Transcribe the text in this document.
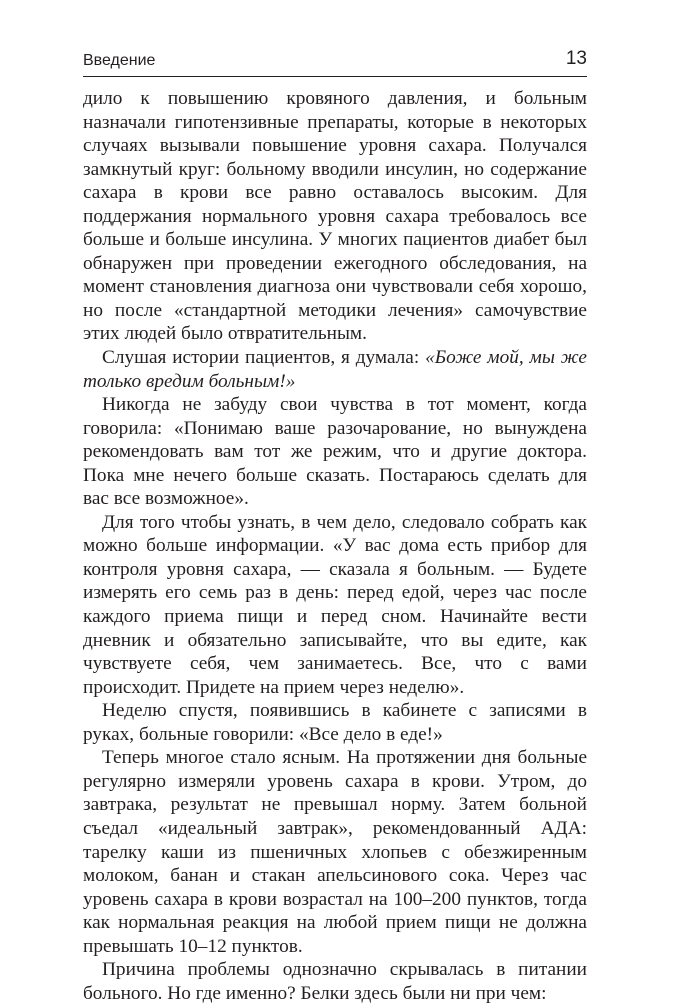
Введение	13

дило к повышению кровяного давления, и больным назначали гипотензивные препараты, которые в некоторых случаях вызывали повышение уровня сахара. Получался замкнутый круг: больному вводили инсулин, но содержание сахара в крови все равно оставалось высоким. Для поддержания нормального уровня сахара требовалось все больше и больше инсулина. У многих пациентов диабет был обнаружен при проведении ежегодного обследования, на момент становления диагноза они чувствовали себя хорошо, но после «стандартной методики лечения» самочувствие этих людей было отвратительным.

Слушая истории пациентов, я думала: «Боже мой, мы же только вредим больным!»

Никогда не забуду свои чувства в тот момент, когда говорила: «Понимаю ваше разочарование, но вынуждена рекомендовать вам тот же режим, что и другие доктора. Пока мне нечего больше сказать. Постараюсь сделать для вас все возможное».

Для того чтобы узнать, в чем дело, следовало собрать как можно больше информации. «У вас дома есть прибор для контроля уровня сахара, — сказала я больным. — Будете измерять его семь раз в день: перед едой, через час после каждого приема пищи и перед сном. Начинайте вести дневник и обязательно записывайте, что вы едите, как чувствуете себя, чем занимаетесь. Все, что с вами происходит. Придете на прием через неделю».

Неделю спустя, появившись в кабинете с записями в руках, больные говорили: «Все дело в еде!»

Теперь многое стало ясным. На протяжении дня больные регулярно измеряли уровень сахара в крови. Утром, до завтрака, результат не превышал норму. Затем больной съедал «идеальный завтрак», рекомендованный АДА: тарелку каши из пшеничных хлопьев с обезжиренным молоком, банан и стакан апельсинового сока. Через час уровень сахара в крови возрастал на 100–200 пунктов, тогда как нормальная реакция на любой прием пищи не должна превышать 10–12 пунктов.

Причина проблемы однозначно скрывалась в питании больного. Но где именно? Белки здесь были ни при чем:
